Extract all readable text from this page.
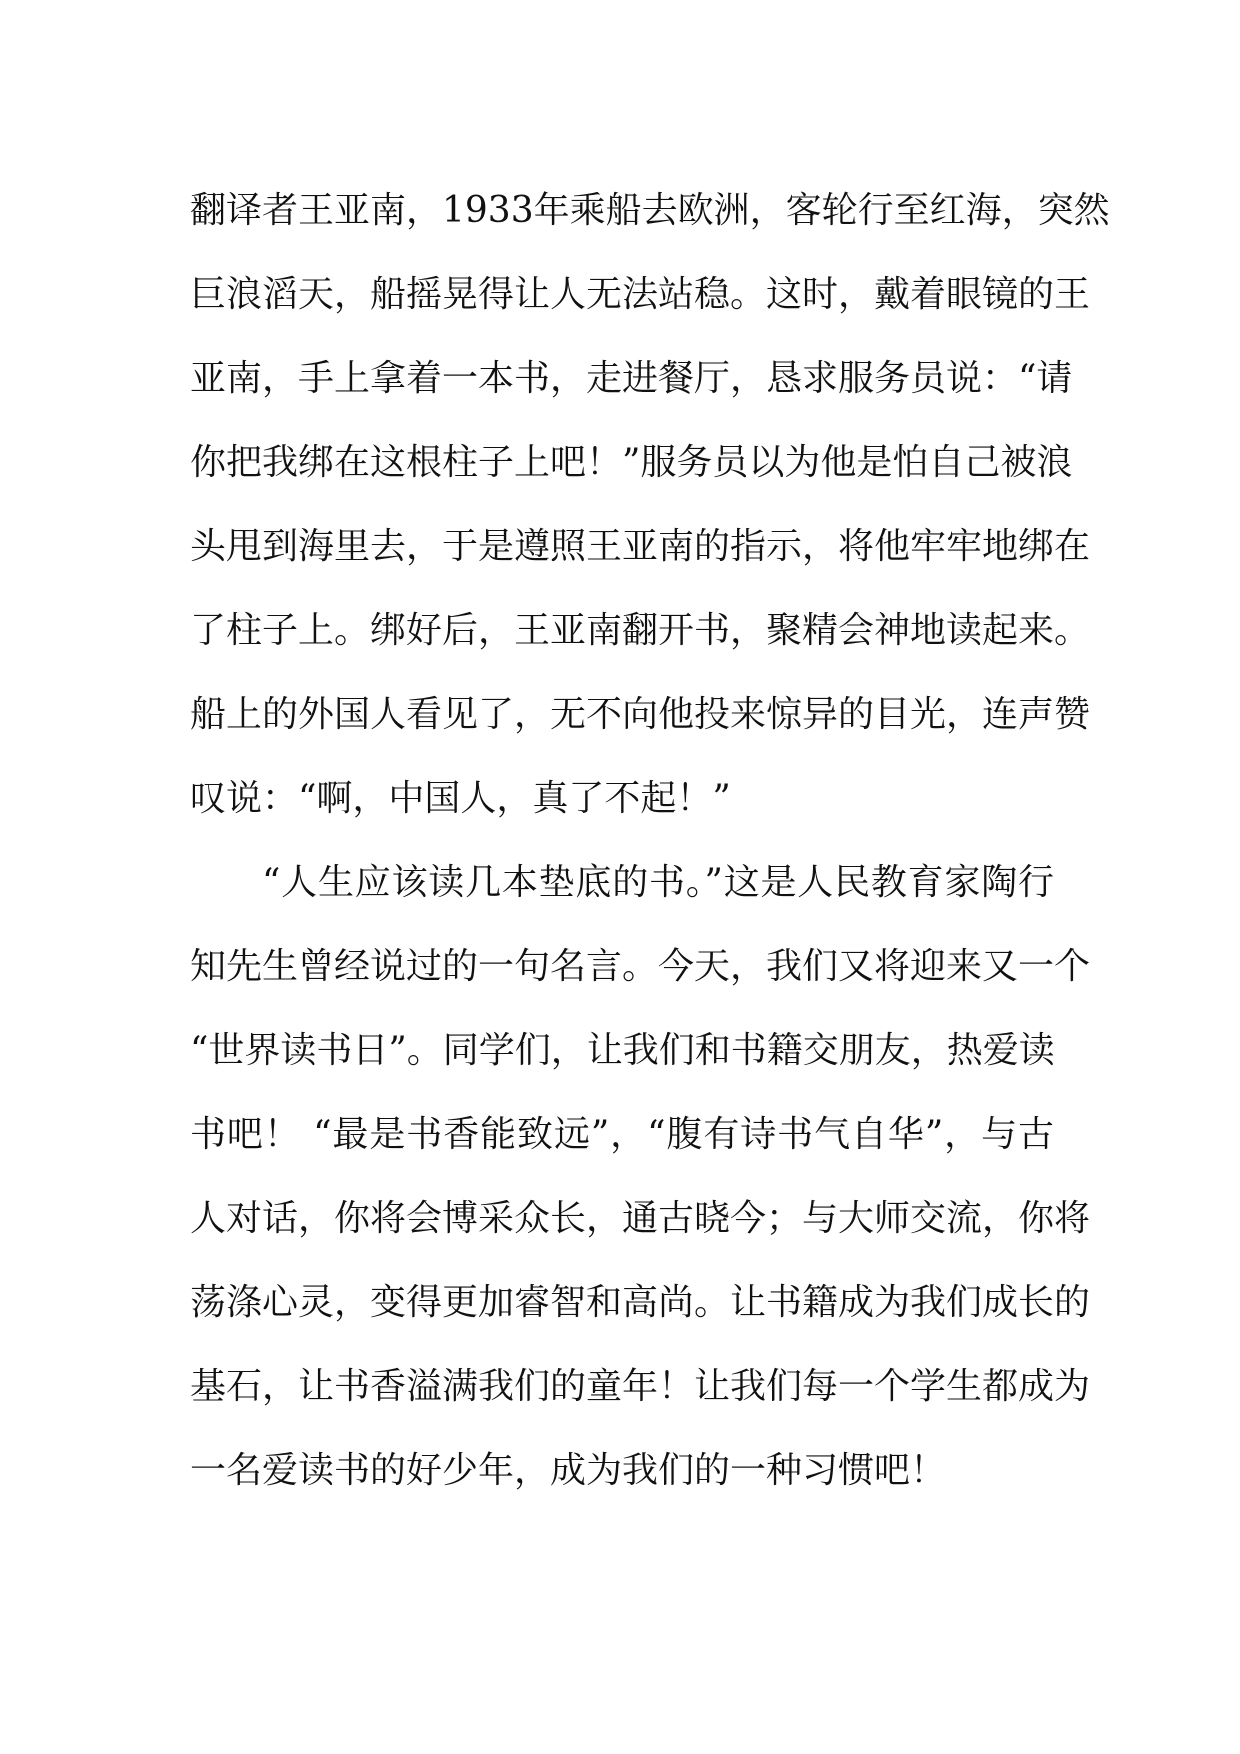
翻译者王亚南，1933年乘船去欧洲，客轮行至红海，突然
巨浪滔天，船摇晃得让人无法站稳。这时，戴着眼镜的王
亚南，手上拿着一本书，走进餐厅，恳求服务员说：“请
你把我绑在这根柱子上吧！”服务员以为他是怕自己被浪
头甩到海里去，于是遵照王亚南的指示，将他牢牢地绑在
了柱子上。绑好后，王亚南翻开书，聚精会神地读起来。
船上的外国人看见了，无不向他投来惊异的目光，连声赞
叹说：“啊，中国人，真了不起！”
“人生应该读几本垫底的书。”这是人民教育家陶行
知先生曾经说过的一句名言。今天，我们又将迎来又一个
“世界读书日”。同学们，让我们和书籍交朋友，热爱读
书吧！ “最是书香能致远”，“腹有诗书气自华”，与古
人对话，你将会博采众长，通古晓今；与大师交流，你将
荡涤心灵，变得更加睿智和高尚。让书籍成为我们成长的
基石，让书香溢满我们的童年！让我们每一个学生都成为
一名爱读书的好少年，成为我们的一种习惯吧！
